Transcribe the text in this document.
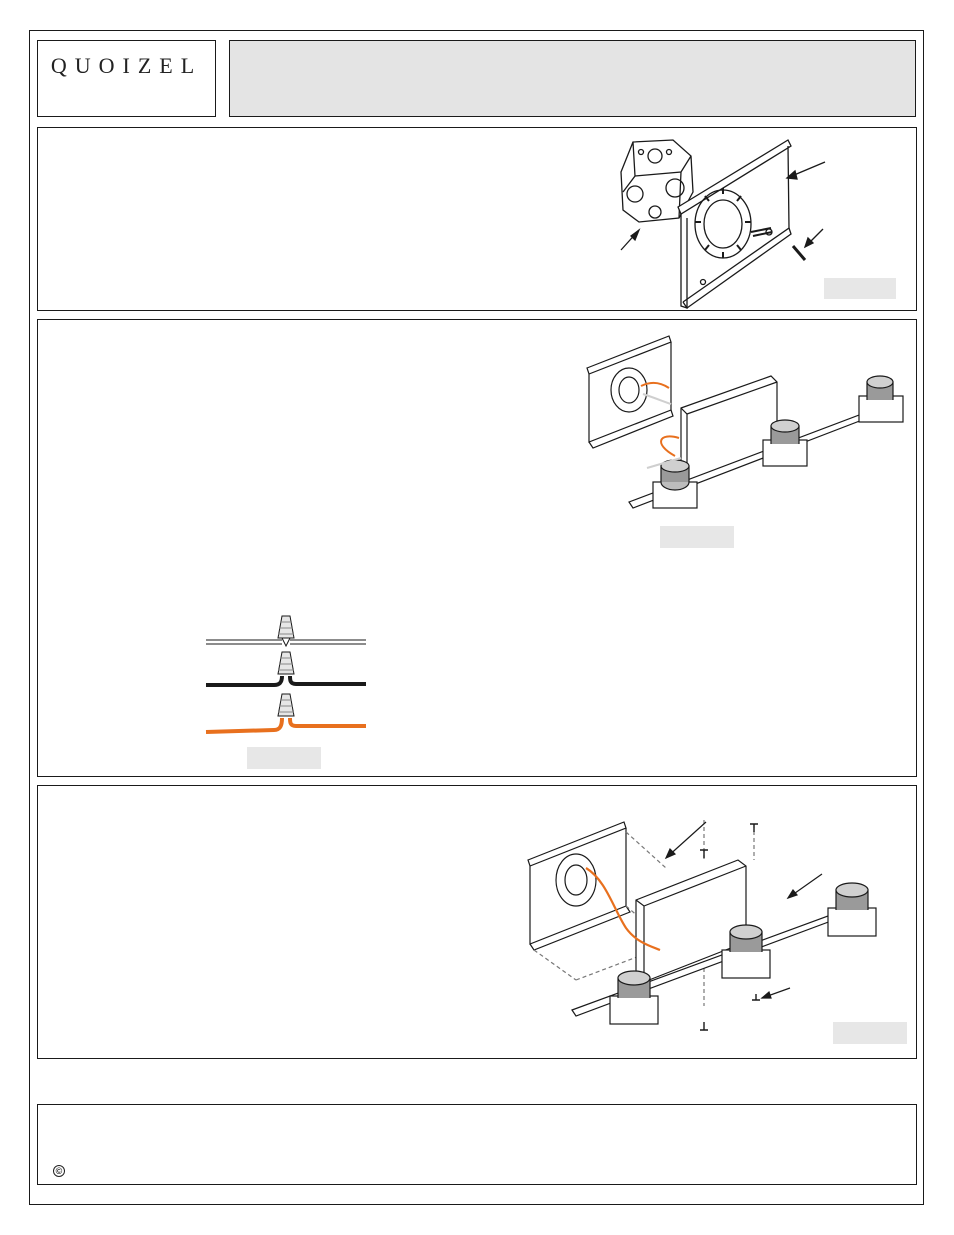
QUOIZEL
©
